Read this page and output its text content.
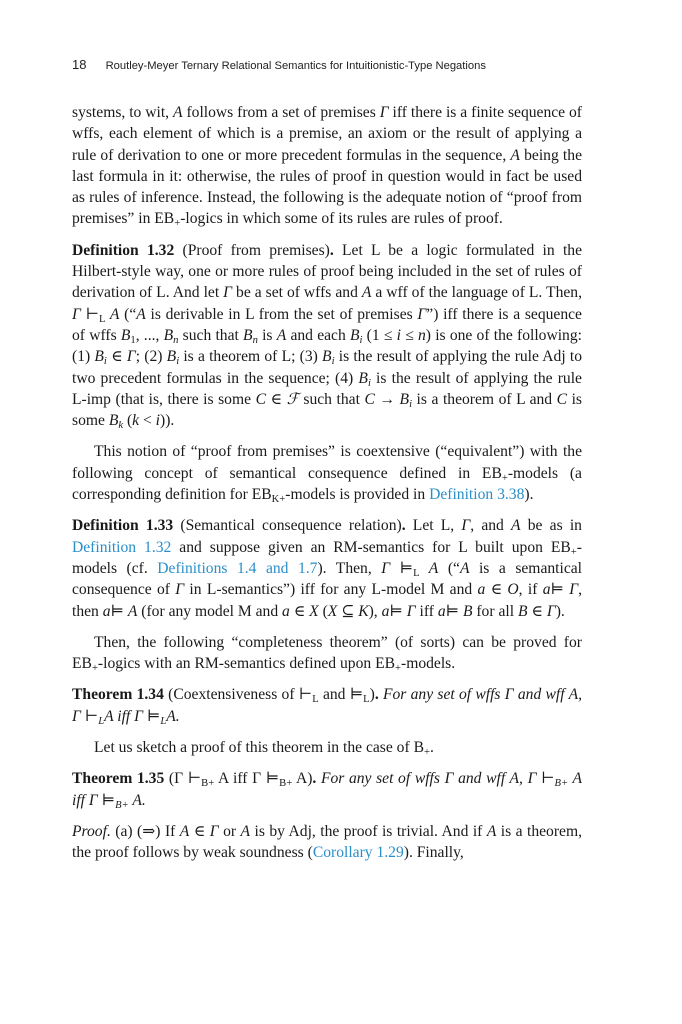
18 Routley-Meyer Ternary Relational Semantics for Intuitionistic-Type Negations

systems, to wit, A follows from a set of premises Γ iff there is a finite sequence of wffs, each element of which is a premise, an axiom or the result of applying a rule of derivation to one or more precedent formulas in the sequence, A being the last formula in it: otherwise, the rules of proof in question would in fact be used as rules of inference. Instead, the following is the adequate notion of “proof from premises” in $EB_+$-logics in which some of its rules are rules of proof.

Definition 1.32 (Proof from premises). Let L be a logic formulated in the Hilbert-style way, one or more rules of proof being included in the set of rules of derivation of L. And let Γ be a set of wffs and A a wff of the language of L. Then, Γ $⊢_L$ A (“A is derivable in L from the set of premises Γ”) iff there is a sequence of wffs $B_1$, ..., $B_n$ such that $B_n$ is A and each $B_i$ (1 ≤ i ≤ n) is one of the following: (1) $B_i$ ∈ Γ; (2) $B_i$ is a theorem of L; (3) $B_i$ is the result of applying the rule Adj to two precedent formulas in the sequence; (4) $B_i$ is the result of applying the rule L-imp (that is, there is some C ∈ ℱ such that $C \to B_i$ is a theorem of L and C is some $B_k$ (k < i)).

This notion of “proof from premises” is coextensive (“equivalent”) with the following concept of semantical consequence defined in $EB_+$-models (a corresponding definition for $EB_{K+}$-models is provided in Definition 3.38).

Definition 1.33 (Semantical consequence relation). Let L, Γ, and A be as in Definition 1.32 and suppose given an RM-semantics for L built upon $EB_+$-models (cf. Definitions 1.4 and 1.7). Then, Γ $⊨_L$ A (“A is a semantical consequence of Γ in L-semantics”) iff for any L-model M and a ∈ O, if a⊨ Γ, then a⊨ A (for any model M and a ∈ X (X ⊆ K), a⊨ Γ iff a⊨ B for all B ∈ Γ).

Then, the following “completeness theorem” (of sorts) can be proved for $EB_+$-logics with an RM-semantics defined upon $EB_+$-models.

Theorem 1.34 (Coextensiveness of $⊢_L$ and $⊨_L$). For any set of wffs Γ and wff A, Γ $⊢_LA$ iff Γ $⊨_LA$.

Let us sketch a proof of this theorem in the case of $B_+$.

Theorem 1.35 (Γ $⊢_{B+}$ A iff Γ $⊨_{B+}$ A). For any set of wffs Γ and wff A, Γ $⊢_{B+}$ A iff Γ $⊨_{B+}$ A.

Proof. (a) (⇒) If A ∈ Γ or A is by Adj, the proof is trivial. And if A is a theorem, the proof follows by weak soundness (Corollary 1.29). Finally,
